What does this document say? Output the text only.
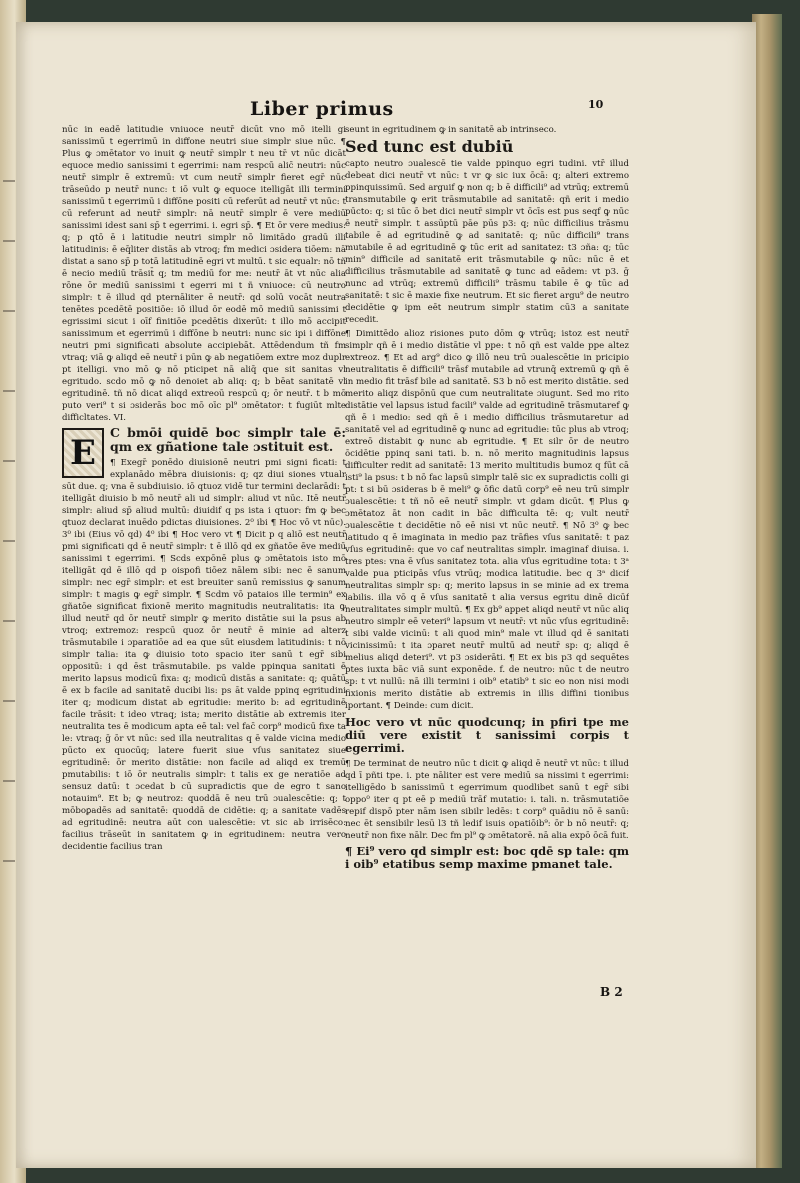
Liber primus	10

nūc in eadē latitudie vniuoce neutr̄ dicūt vno mō itelli gi sanissimū t egerrimū in diffone neutri siue simplr siue nūc. ¶ Plus ꝙ ɔmētator vo inuit ꝙ neutr̄ simplr t neu tr̄ vt nūc dicāt equoce medio sanissimi t egerrimi: nam respcū alic̄ neutri: nūc neutr̄ simplr ē extremū: vt cum neutr̄ simplr fieret egr̄ nūc trāseūdo p neutr̄ nunc: t iō vult ꝙ equoce itelligāt illi termini sanissimū t egerrimū i diffōne positi cū referūt ad neutr̄ vt nūc: t cū referunt ad neutr̄ simplr: nā neutr̄ simplr ē vere mediū sanissimi idest sani sp̄ t egerrimi. i. egri sp̄. ¶ Et ōr vere medius: q; p qtō ē i latitudie neutri simplr nō limitādo gradū illi latitudinis: ē eq̄liter distās ab vtroq; fm medici ɔsidera tiōem: nā distat a sano sp̄ p totā latitudinē egri vt multū. t sic equalr: nō tñ ē necio mediū trāsit̄ q; tm mediū for me: neutr̄ āt vt nūc alia rōne ōr mediū sanissimi t egerri mi t ñ vniuoce: cū neutro simplr: t ē illud qd pternāliter ē neutr̄: qd solū vocāt neutra tenētes pcedētē positiōe: iō illud ōr eodē mō mediū sanissimi t egrissimi sicut i oīf finitiōe pcedētis dixerūt: t illo mō accipit sanissimum et egerrimū i diffōne b neutri: nunc sic ipi i diffōne neutri pmi significati absolute accipiebāt. Attēdendum tñ fm vtraq; viā ꝙ aliqd eē neutr̄ i pūn ꝙ ab negatiōem extre moz duplr pt itelligi. vno mō ꝙ nō pticipet nā aliq̄ que sit sanitas vl egritudo. scdo mō ꝙ nō denoiet ab aliq: q; b bēat sanitatē vl egritudinē. tñ nō dicat aliqd extreoū respcū q; ōr neutr̄. t b mō puto veri⁹ t si ɔsiderās boc mō oīc pl⁹ ɔmētator: t fugiūt mlte difficltates. VI.

E
C bmōi quidē boc simplr tale ē: qm ex gñatione tale ɔstituit est.

¶ Exegr̄ ponēdo diuisionē neutri pmi signi ficati: t explanādo mēbra diuisionis: q; qz diui siones vtualr sūt due. q; vna ē subdiuisio. iō qtuoz vidē tur termini declarādi: t itelligāt diuisio b mō neutr̄ ali ud simplr: aliud vt nūc. Itē neutr̄ simplr: aliud sp̄ aliud multū: diuidif q ps ista i qtuor: fm ꝙ bec qtuoz declarat inuēdo pdictas diuisiones. 2⁰ ibi ¶ Hoc vō vt nūc). 3⁰ ibi (Eius vō qd) 4⁰ ibi ¶ Hoc vero vt ¶ Dicit p q aliō est neutr̄ pmi significati qd ē neutr̄ simplr: t ē illō qd ex gñatōe ēve mediū sanissimi t egerrimi. ¶ Scds expōnē plus ꝙ ɔmētatois isto mō itelligāt qd ē illō qd p oispofi tiōez nālem sibi: nec ē sanum simplr: nec egr̄ simplr: et est breuiter sanū remissius ꝙ sanum simplr: t magis ꝙ egr̄ simplr. ¶ Scdm vō pataios ille termin⁹ ex gñatōe significat fixionē merito magnitudis neutralitatis: ita ꝙ illud neutr̄ qd ōr neutr̄ simplr ꝙ merito distātie sui la psus ab vtroq; extremoz: respcū quoz ōr neutr̄ ē minie ad alterz trāsmutabile i ɔparatiōe ad ea que sūt eiusdem latitudinis: t nō simplr talia: ita ꝙ diuisio toto spacio iter sanū t egr̄ sibi oppositū: i qd ēst trāsmutabile. ps valde ppinqua sanitati ē merito lapsus modicū fixa: q; modicū distās a sanitate: q; quātū ē ex b facile ad sanitatē ducibi lis: ps āt valde ppinq egritudini iter q; modicum distat ab egritudie: merito b: ad egritudinē facile trāsit: t ideo vtraq; ista; merito distātie ab extremis iter neutralita tes ē modicum apta eē tal: vel fac̄ corp⁹ modicū fixe ta le: vtraq; ḡ ōr vt nūc: sed illa neutralitas q ē valde vicina medio pūcto ex quocūq; latere fuerit siue vſus sanitatez siue egritudinē: ōr merito distātie: non facile ad aliqd ex tremū pmutabilis: t iō ōr neutralis simplr: t talis ex ge neratiōe ad sensuz datū: t ɔcedat b cū supradictis que de egro t sano notauim⁹. Et b; ꝙ neutroz: quoddā ē neu trū ɔualescētie: q; t mōboꝑadēs ad sanitatē: quoddā de cidētie: q; a sanitate vadēs ad egritudinē: neutra aūt con ualescētie: vt sic ab irrisēco: facilius trāseūt in sanitatem ꝙ in egritudinem: neutra vero decidentie facilius tran

seunt in egritudinem ꝙ in sanitatē ab intrinseco.

Sed tunc est dubiū

capto neutro ɔualescē tie valde ppinquo egri tudini. vtr̄ illud debeat dici neutr̄ vt nūc: t vr ꝙ sic iux ōcā: q; alteri extremo ppinquissimū. Sed arguif ꝙ non q; b ē difficili⁹ ad vtrūq; extremū transmutabile ꝙ erit trāsmutabile ad sanitatē: qñ erit i medio pūcto: q; si tūc ō bet dici neutr̄ simplr vt ōcīs est pus seqf ꝙ nūc ē neutr̄ simplr. t assūptū pāe pūs p3: q; nūc difficilius trāsmu tabile ē ad egritudinē ꝙ ad sanitatē: q; nūc difficili⁹ trans mutabile ē ad egritudinē ꝙ tūc erit ad sanitatez: t3 ɔña: q; tūc min⁹ difficile ad sanitatē erit trāsmutabile ꝙ nūc: nūc ē et difficilius trāsmutabile ad sanitatē ꝙ tunc ad eādem: vt p3. ḡ nunc ad vtrūq; extremū difficili⁹ trāsmu tabile ē ꝙ tūc ad sanitatē: t sic ē maxie fixe neutrum. Et sic fieret argu⁹ de neutro decidētie ꝙ ipm eēt neutrum simplr statim cū3 a sanitate recedit.

¶ Dimittēdo alioz risiones puto dōm ꝙ vtrūq; istoz est neutr̄ simplr qñ ē i medio distātie vl ppe: t nō qñ est valde ppe altez extreoz. ¶ Et ad arg⁹ dico ꝙ illō neu trū ɔualescētie in pricipio neutralitatis ē difficili⁹ trāsf mutabile ad vtrunq̄ extremū ꝙ qñ ē in medio fit trāsf bile ad sanitatē. S3 b nō est merito distātie. sed merito aliqz dispōnū que cum neutralitate ɔiugunt. Sed mo rito distātie vel lapsus istud facili⁹ valde ad egritudinē trāsmutaref ꝙ qñ ē i medio: sed qñ ē i medio difficilius trāsmutaretur ad sanitatē vel ad egritudinē ꝙ nunc ad egritudie: tūc plus ab vtroq; extreō distabit ꝙ nunc ab egritudie. ¶ Et silr ōr de neutro ōcidētie ppinq sani tati. b. n. nō merito magnitudinis lapsus difficulter redit ad sanitatē: 13 merito multitudis bumoz q fūt cā isti⁹ la psus: t b nō fac lapsū simplr talē sic ex supradictis colli gi pt: t si bū ɔsideras b ē meli⁹ ꝙ ōfic datū corp⁹ eē neu trū simplr ɔualescētie: t tñ nō eē neutr̄ simplr. vt gdam dicūt. ¶ Plus ꝙ ɔmētatoz āt non cadit in bāc difficulta tē: q; vult neutr̄ ɔualescētie t decidētie nō eē nisi vt nūc neutr̄. ¶ Nō 3⁰ ꝙ bec latitudo q ē imaginata in medio paz trāfies vſus sanitatē: t paz vſus egritudinē: que vo caf neutralitas simplr. imaginaf diuisa. i. tres ptes: vna ē vſus sanitatez tota. alia vſus egritudine tota: t 3ᵃ valde pua pticipās vſus vtrūq; modica latitudie. bec q 3ᵃ dicif neutralitas simplr sp: q; merito lapsus in se minie ad ex trema labilis. illa vō q ē vſus sanitatē t alia versus egritu dinē dicūf neutralitates simplr multū. ¶ Ex gb⁹ appet aliqd neutr̄ vt nūc aliq neutro simplr eē veteri⁹ lapsum vt neutr̄: vt nūc vſus egritudinē: t sibi valde vicinū: t ali quod min⁹ male vt illud qd ē sanitati vicinissimū: t ita ɔparet neutr̄ multū ad neutr̄ sp: q; aliqd ē melius aliqd deteri⁹. vt p3 ɔsiderāti. ¶ Et ex bis p3 qd sequētes ptes iuxta bāc viā sunt exponēde. f. de neutro: nūc t de neutro sp: t vt nullū: nā illi termini i oib⁹ etatib⁹ t sic eo non nisi modi fixionis merito distātie ab extremis in illis diffini tionibus iportant. ¶ Deinde: cum dicit.

Hoc vero vt nūc quodcunq; in pfiri tpe me diū vere existit t sanissimi corpis t egerrimi.

¶ De terminat de neutro nūc t dicit ꝙ aliqd ē neutr̄ vt nūc: t illud qd ī pñti tpe. i. pte nāliter est vere mediū sa nissimi t egerrimi: itelligēdo b sanissimū t egerrimum quodlibet sanū t egr̄ sibi oppo⁰ iter q pt eē p mediū trāf mutatio: i. tali. n. trāsmutatiōe repif dispō pter nām isen sibilr ledēs: t corp⁹ quādiu nō ē sanū: nec ēt sensibilr lesū l3 tñ ledif isuis opatiōib⁹: ōr b nō neutr̄: q; neutr̄ non fixe nālr. Dec fm pl⁹ ꝙ ɔmētatorē. nā alia expō ōcā fuit.

¶ Ei⁹ vero qd simplr est: boc qdē sp tale: qm i oib⁹ etatibus semp maxime pmanet tale.

B 2
